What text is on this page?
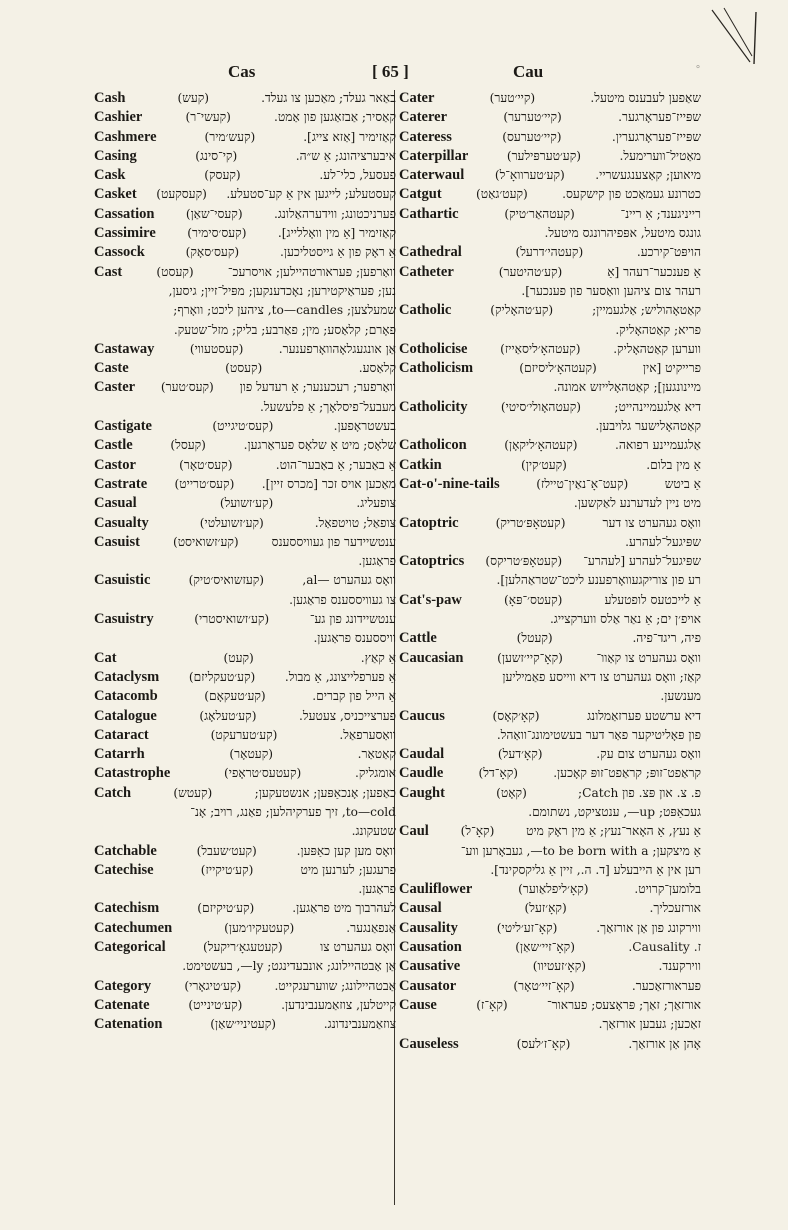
Cas	[ 65 ]	Cau	°
Cash	(קעש)	באַאר געלד; מאַכען צו געלד.
Cashier	(קעשי־ר)	קאַסיר; אַבזאַגען פון אַמט.
Cashmere	(קעש׳מיר)	קאַזימיר [אַזא צייג].
Casing	(קי־סינג)	איבערציהונג; אַ ש״ה.
Cask	(קעסק)	פעסעל, כלי־לע.
Casket (קעסקעט) קעסטעלע; לייגען אין אַ קע־סטעלע.
Cassation	(קעסי־שאַן)	פערניכטונג; ווידערהאַלונג.
Cassimire	(קעס׳סימיר)	קאַזימיר [אַ מין וואָללייג].
Cassock	(קעס׳סאָק)	אַ ראָק פון אַ גייסטליכען.
Cast	(קעסט)	וואַרפען; פעראורטהיילען; אויסרעכ־
נען; פעראַיקטירען; נאָכדענקען; מפּיל־זיין; גיסען,
שמעלצען; to—candles, ציהען ליכט; וואָרף;
פאָרם; קלאַסע; מין; פאַרבע; בליק; מזל־שטעק.
Castaway	(קעסטעווי)	אַן אונגעגלאָהוואָרפענער.
Caste	(קעסט)	קלאַסע.
Caster (קעס׳טער) וואַרפער; רעכענער; אַ רעדעל פון
מעבעל־פיסלאָך; אַ פלעשעל.
Castigate	(קעס׳טיגייט)	בעשטראָפען.
Castle	(קעסל)	שלאָס; מיט אַ שלאָס פעראַרגען.
Castor	(קעס׳טאָר)	אַ באַבער; אַ באַבער־הוט.
Castrate (קעס׳טרייט) מאַכען אויס זכר [מכרס זיין].
Casual	(קע׳זשועל)	צופעליג.
Casualty	(קע׳זשועלטי)	צופאַל; טויטפאַל.
Casuist	(קע׳זשואיסט)	ענטשיידער פון געוויססענס
פראַגען.
Casuistic	(קעזשואיס׳טיק)	וואָס געהערט —al,
צו געוויססענס פראַגען.
Casuistry	(קע׳זשואיסטרי)	ענטשיידונג פון גע־
וויססענס פראַגען.
Cat	(קעט)	אַ קאַץ.
Cataclysm (קע׳טעקליזם) אַ פערפלייצונג, אַ מבול.
Catacomb	(קע׳טעקאָם)	אַ הייל פון קברים.
Catalogue	(קע׳טעלאָג)	פערצייכניס, צעטעל.
Cataract	(קע׳טערעקט)	וואַסערפאַל.
Catarrh	(קעטאָר)	קאַטאַר.
Catastrophe	(קעטעס׳טראָפי)	אומגליק.
Catch	(קעטש)	כאַפען; אָנכאַפּען; אנשטעקען;
to—cold, זיך פערקיהלען; פאַנג, רויב; אָנ־
שטעקונג.
Catchable	(קעט׳שעבל)	וואָס מען קען כאַפּען.
Catechise	(קע׳טיקייז)	פרעגען; לערנען מיט
פראַגען.
Catechism	(קע׳טיקיזם)	לעהרבוך מיט פראַגען.
Catechumen	(קעטעקיו׳מען)	אַנפאַנגער.
Categorical	(קעטעגאָ׳ריקעל)	וואָס געהערט צו
אַן אַבטהיילונג; אונבעדינגט; ly—, בעשטימט.
Category	(קע׳טיגאָרי)	אַבטהיילונג; שווערעגקייט.
Catenate	(קע׳טינייט)	קייטלען, צוזאַמענבינדען.
Catenation	(קעטיניי׳שאַן)	צוזאַמענבינדונג.
Cater	(קיי׳טער)	שאַפען לעבענס מיטעל.
Caterer	(קיי׳טערער)	שפּייז־פעראָרגער.
Cateress	(קיי׳טערעס)	שפּייז־פעראָרגערין.
Caterpillar	(קע׳טערפּילער)	מאַטיל־ווערימעל.
Caterwaul	(קע׳טערוואָ־ל)	מיאוען; קאַצענגעשריי.
Catgut	(קעט׳גאַט)	כטרונע געמאַכט פון קישקעס.
Cathartic	(קעטהאַר׳טיק)	רייניגענד; אַ ריינ־
גונגס מיטעל, אפּפיהרונגס מיטעל.
Cathedral	(קעטהי׳דרעל)	הויפּט־קירכע.
Catheter	(קע׳טהיטער)	אַ פענכער־רעהר [אַ
רעהר צום ציהען וואַסער פון פענכער].
Catholic	(קע׳טהאָליק)	קאַטאָהוליש; אַלגעמיין;
פריא; קאַטהאָליק.
Cotholicise	(קעטהאָ׳ליסאַייז)	ווערען קאַטהאָליק.
Catholicism	(קעטהאָ׳ליסיזם)	פרייקיט [אין
מיינונגען]; קאַטהאָלייזש אמונה.
Catholicity	(קעטהאָולי׳סיטי)	דיא אַלגעמיינהייט;
קאַטהאָלישער גלויבען.
Catholicon	(קעטהאָ׳ליקאָן)	אַלגעמיינע רפואה.
Catkin	(קעט׳קין)	אַ מין בלום.
Cat-o'-nine-tails	(קעט־אָ־נאַין־טיילז)	אַ ביטש
מיט ניין לעדערנע לאַקשען.
Catoptric	(קעטאָפּ׳טריק)	וואָס געהערט צו דער
שפּיגעל־לעהרע.
Catoptrics (קעטאָפּ׳טריקס) שפּיגעל־לעהרע [לעהרע־
רע פון צוריקגעוואָרפענע ליכט־שטראַהלען].
Cat's-paw	(קעטס׳־פּאָ)	אַ לייכטעס לופטעלע
אויפ׳ן ים; אַ נאַר אַלס ווערקצייג.
Cattle	(קעטל)	פיה, ריגד־פיה.
Caucasian	(קאָ־קיי׳זשען)	וואָס געהערט צו קאַוו־
קאַז; וואָס געהערט צו דיא ווייסע פאַמיליען
מענשען.
Caucus	(קאָ׳קאָס)	דיא ערשטע פערזאַמלונג
פון פּאָליטיקער פאַר דער בעשטימונג־וואַהל.
Caudal	(קאָ׳דעל)	וואָס געהערט צום עק.
Caudle	(קאָ־דל)	קראַפט־זופּ; קראַפט־זופּ קאָכען.
Caught	(קאָט)	פ. צ. און פּצ. פון Catch;
געכאַפּט; up—, ענטציקט, נשתומם.
Caul	(קאָ־ל)	אַ נעץ, אַ האָאר־נעץ; אַ מין ראָק מיט
אַ מיצקען; to be born with a—, געבאָרען ווע־
רען אין אַ הייבעלע [ד. ה., זיין אַ גליקסקינד].
Cauliflower	(קאָ׳ליפלאַוער)	בלומען־קרויט.
Causal	(קאָ׳זעל)	אורזעכליך.
Causality	(קאָ־זע׳ליטי)	ווירקונג פון אַן אורזאַך.
Causation	(קאָ־זיי׳שאַן)	ז. Causality.
Causative	(קאָ׳זעטיוו)	ווירקענד.
Causator	(קאָ־זיי׳טאָר)	פעראורזאַכער.
Cause	(קאָ־ז)	אורזאַך; זאַך; פּראָצעס; פעראור־
זאַכען; געבען אורזאַך.
Causeless	(קאָ־ז׳לעס)	אָהן אַן אורזאַך.
